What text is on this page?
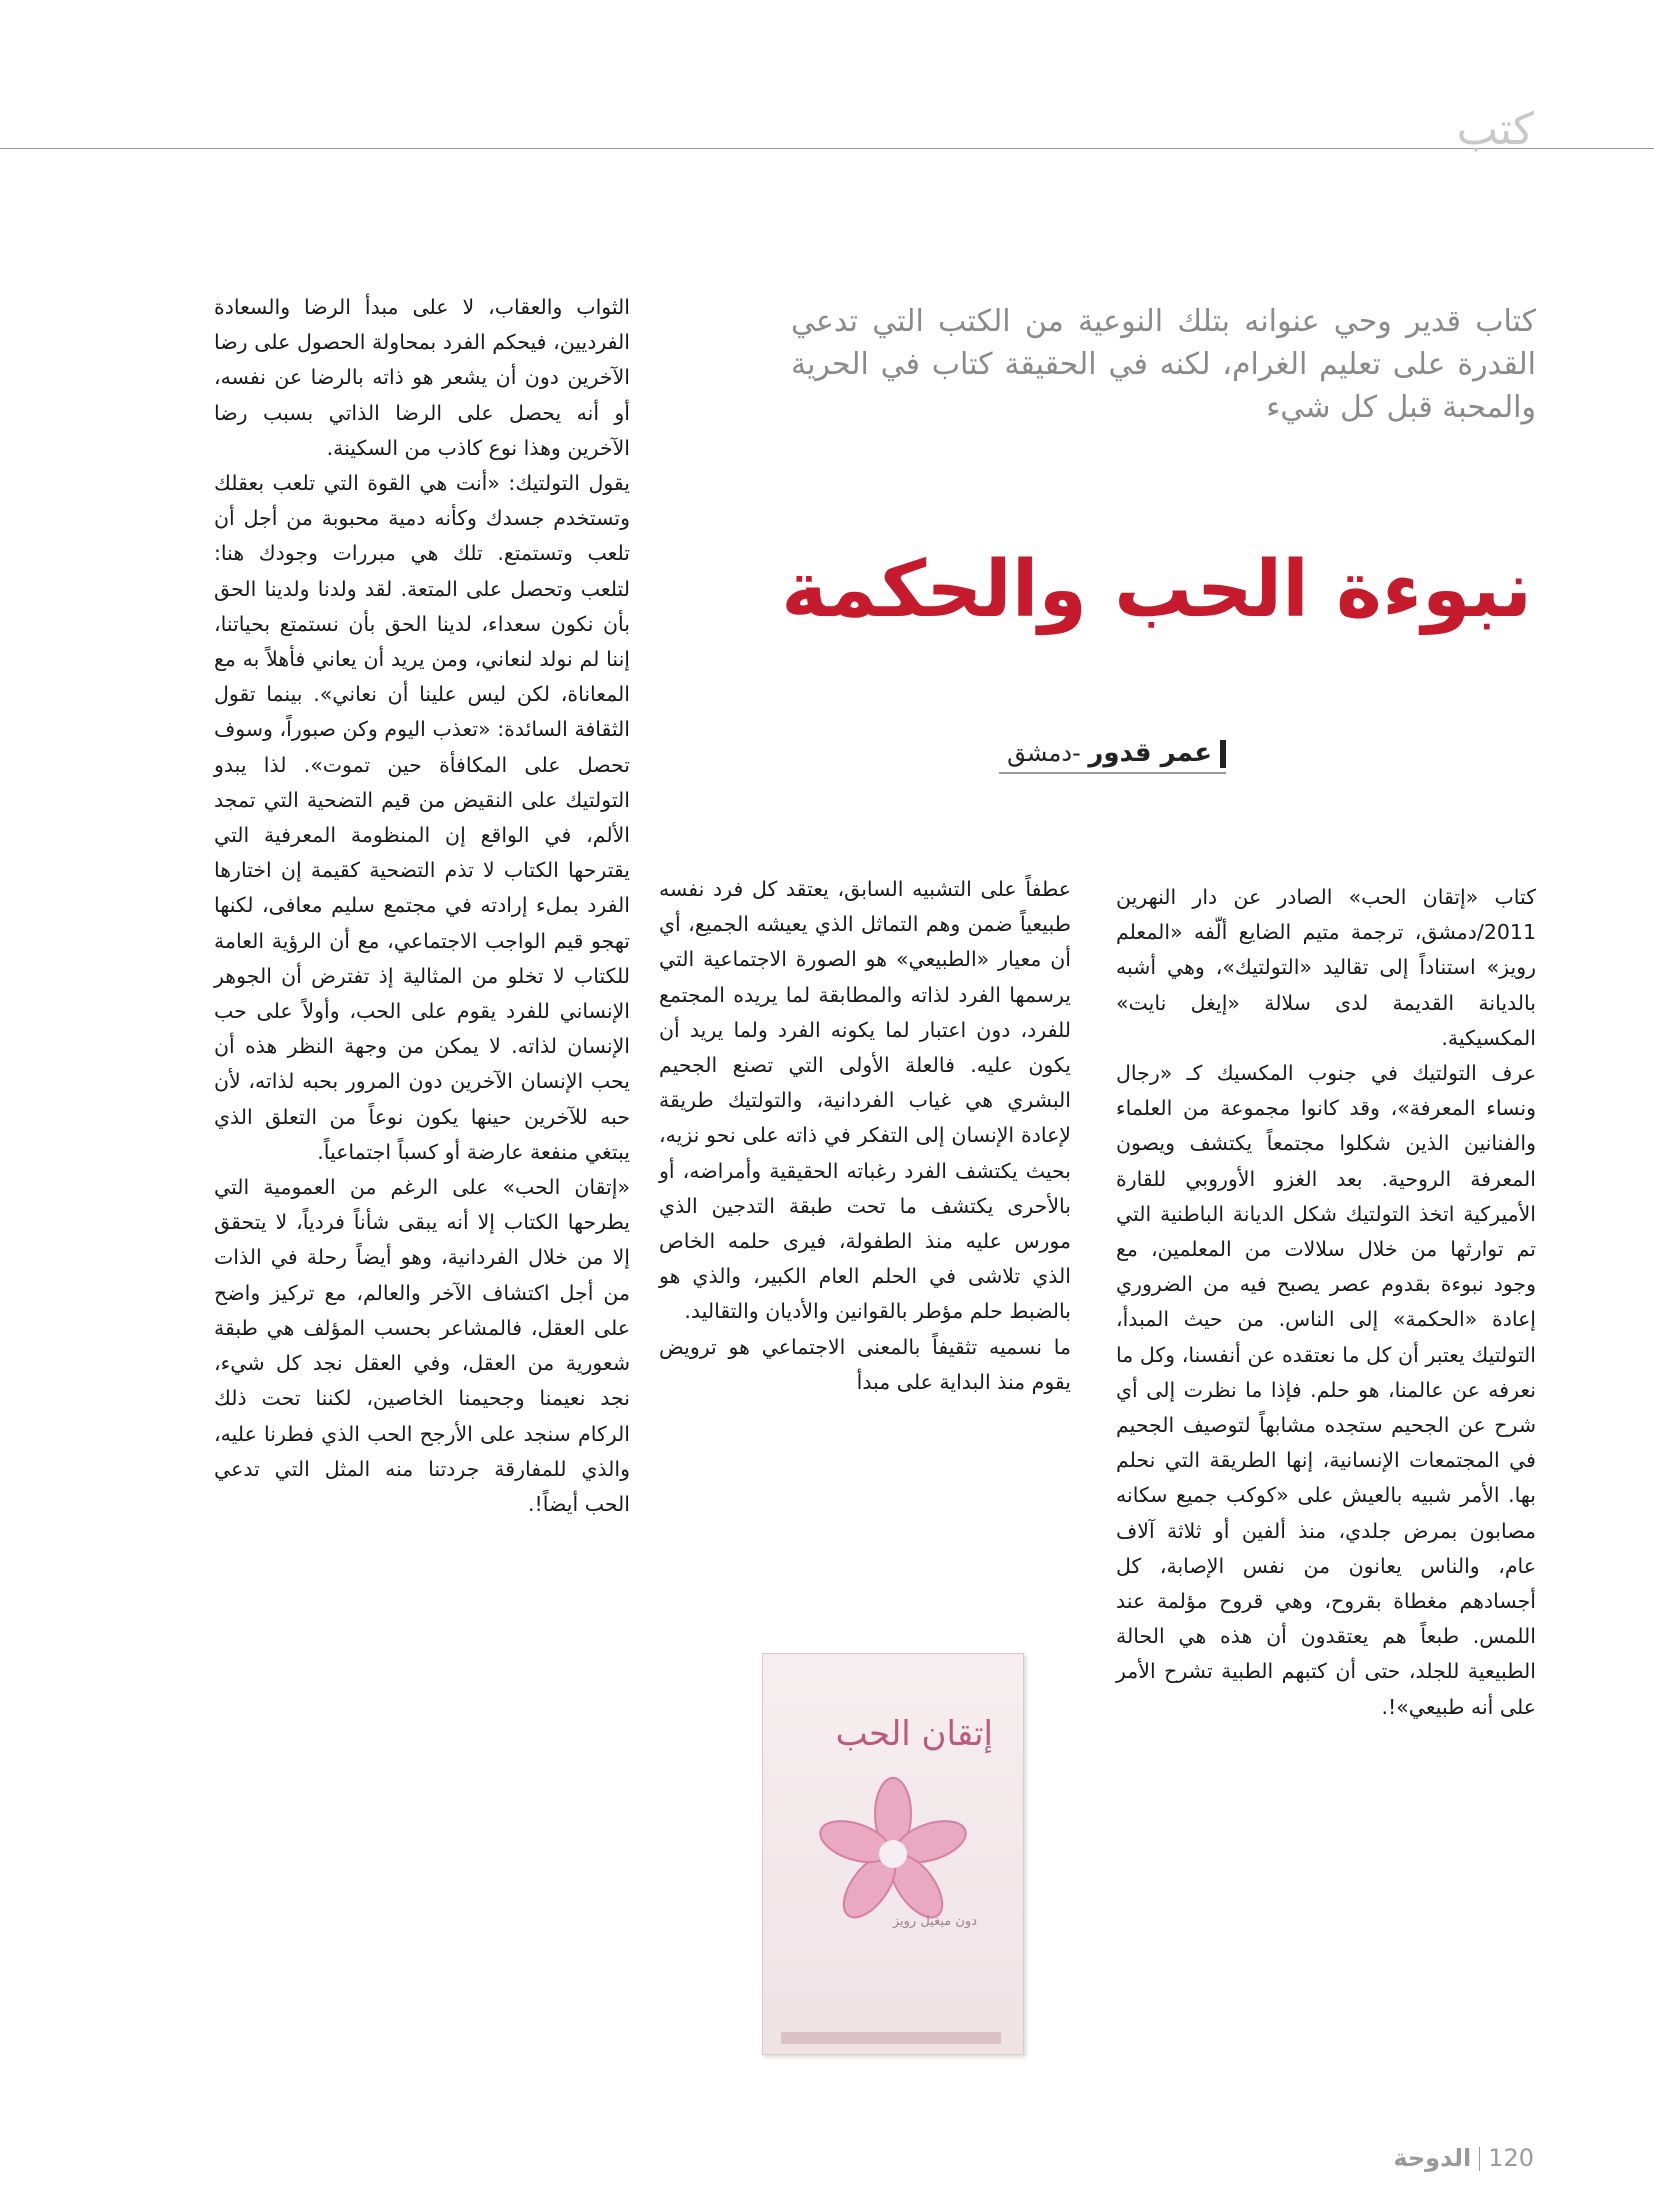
كتب
كتاب قدير وحي عنوانه بتلك النوعية من الكتب التي تدعي القدرة على تعليم الغرام، لكنه في الحقيقة كتاب في الحرية والمحبة قبل كل شيء
نبوءة الحب والحكمة
عمر قدور -دمشق

كتاب «إتقان الحب» الصادر عن دار النهرين 2011/دمشق، ترجمة متيم الضايع ألّفه «المعلم رويز» استناداً إلى تقاليد «التولتيك»، وهي أشبه بالديانة القديمة لدى سلالة «إيغل نايت» المكسيكية.

عرف التولتيك في جنوب المكسيك كـ «رجال ونساء المعرفة»، وقد كانوا مجموعة من العلماء والفنانين الذين شكلوا مجتمعاً يكتشف ويصون المعرفة الروحية. بعد الغزو الأوروبي للقارة الأميركية اتخذ التولتيك شكل الديانة الباطنية التي تم توارثها من خلال سلالات من المعلمين، مع وجود نبوءة بقدوم عصر يصبح فيه من الضروري إعادة «الحكمة» إلى الناس. من حيث المبدأ، التولتيك يعتبر أن كل ما نعتقده عن أنفسنا، وكل ما نعرفه عن عالمنا، هو حلم. فإذا ما نظرت إلى أي شرح عن الجحيم ستجده مشابهاً لتوصيف الجحيم في المجتمعات الإنسانية، إنها الطريقة التي نحلم بها. الأمر شبيه بالعيش على «كوكب جميع سكانه مصابون بمرض جلدي، منذ ألفين أو ثلاثة آلاف عام، والناس يعانون من نفس الإصابة، كل أجسادهم مغطاة بقروح، وهي قروح مؤلمة عند اللمس. طبعاً هم يعتقدون أن هذه هي الحالة الطبيعية للجلد، حتى أن كتبهم الطبية تشرح الأمر على أنه طبيعي»!.

عطفاً على التشبيه السابق، يعتقد كل فرد نفسه طبيعياً ضمن وهم التماثل الذي يعيشه الجميع، أي أن معيار «الطبيعي» هو الصورة الاجتماعية التي يرسمها الفرد لذاته والمطابقة لما يريده المجتمع للفرد، دون اعتبار لما يكونه الفرد ولما يريد أن يكون عليه. فالعلة الأولى التي تصنع الجحيم البشري هي غياب الفردانية، والتولتيك طريقة لإعادة الإنسان إلى التفكر في ذاته على نحو نزيه، بحيث يكتشف الفرد رغباته الحقيقية وأمراضه، أو بالأحرى يكتشف ما تحت طبقة التدجين الذي مورس عليه منذ الطفولة، فيرى حلمه الخاص الذي تلاشى في الحلم العام الكبير، والذي هو بالضبط حلم مؤطر بالقوانين والأديان والتقاليد.

ما نسميه تثقيفاً بالمعنى الاجتماعي هو ترويض يقوم منذ البداية على مبدأ

الثواب والعقاب، لا على مبدأ الرضا والسعادة الفرديين، فيحكم الفرد بمحاولة الحصول على رضا الآخرين دون أن يشعر هو ذاته بالرضا عن نفسه، أو أنه يحصل على الرضا الذاتي بسبب رضا الآخرين وهذا نوع كاذب من السكينة.

يقول التولتيك: «أنت هي القوة التي تلعب بعقلك وتستخدم جسدك وكأنه دمية محبوبة من أجل أن تلعب وتستمتع. تلك هي مبررات وجودك هنا: لتلعب وتحصل على المتعة. لقد ولدنا ولدينا الحق بأن نكون سعداء، لدينا الحق بأن نستمتع بحياتنا، إننا لم نولد لنعاني، ومن يريد أن يعاني فأهلاً به مع المعاناة، لكن ليس علينا أن نعاني». بينما تقول الثقافة السائدة: «تعذب اليوم وكن صبوراً، وسوف تحصل على المكافأة حين تموت». لذا يبدو التولتيك على النقيض من قيم التضحية التي تمجد الألم، في الواقع إن المنظومة المعرفية التي يقترحها الكتاب لا تذم التضحية كقيمة إن اختارها الفرد بملء إرادته في مجتمع سليم معافى، لكنها تهجو قيم الواجب الاجتماعي، مع أن الرؤية العامة للكتاب لا تخلو من المثالية إذ تفترض أن الجوهر الإنساني للفرد يقوم على الحب، وأولاً على حب الإنسان لذاته. لا يمكن من وجهة النظر هذه أن يحب الإنسان الآخرين دون المرور بحبه لذاته، لأن حبه للآخرين حينها يكون نوعاً من التعلق الذي يبتغي منفعة عارضة أو كسباً اجتماعياً.

«إتقان الحب» على الرغم من العمومية التي يطرحها الكتاب إلا أنه يبقى شأناً فردياً، لا يتحقق إلا من خلال الفردانية، وهو أيضاً رحلة في الذات من أجل اكتشاف الآخر والعالم، مع تركيز واضح على العقل، فالمشاعر بحسب المؤلف هي طبقة شعورية من العقل، وفي العقل نجد كل شيء، نجد نعيمنا وجحيمنا الخاصين، لكننا تحت ذلك الركام سنجد على الأرجح الحب الذي فطرنا عليه، والذي للمفارقة جردتنا منه المثل التي تدعي الحب أيضاً!.

إتقان الحب
دون ميغيل رويز
120الدوحة
